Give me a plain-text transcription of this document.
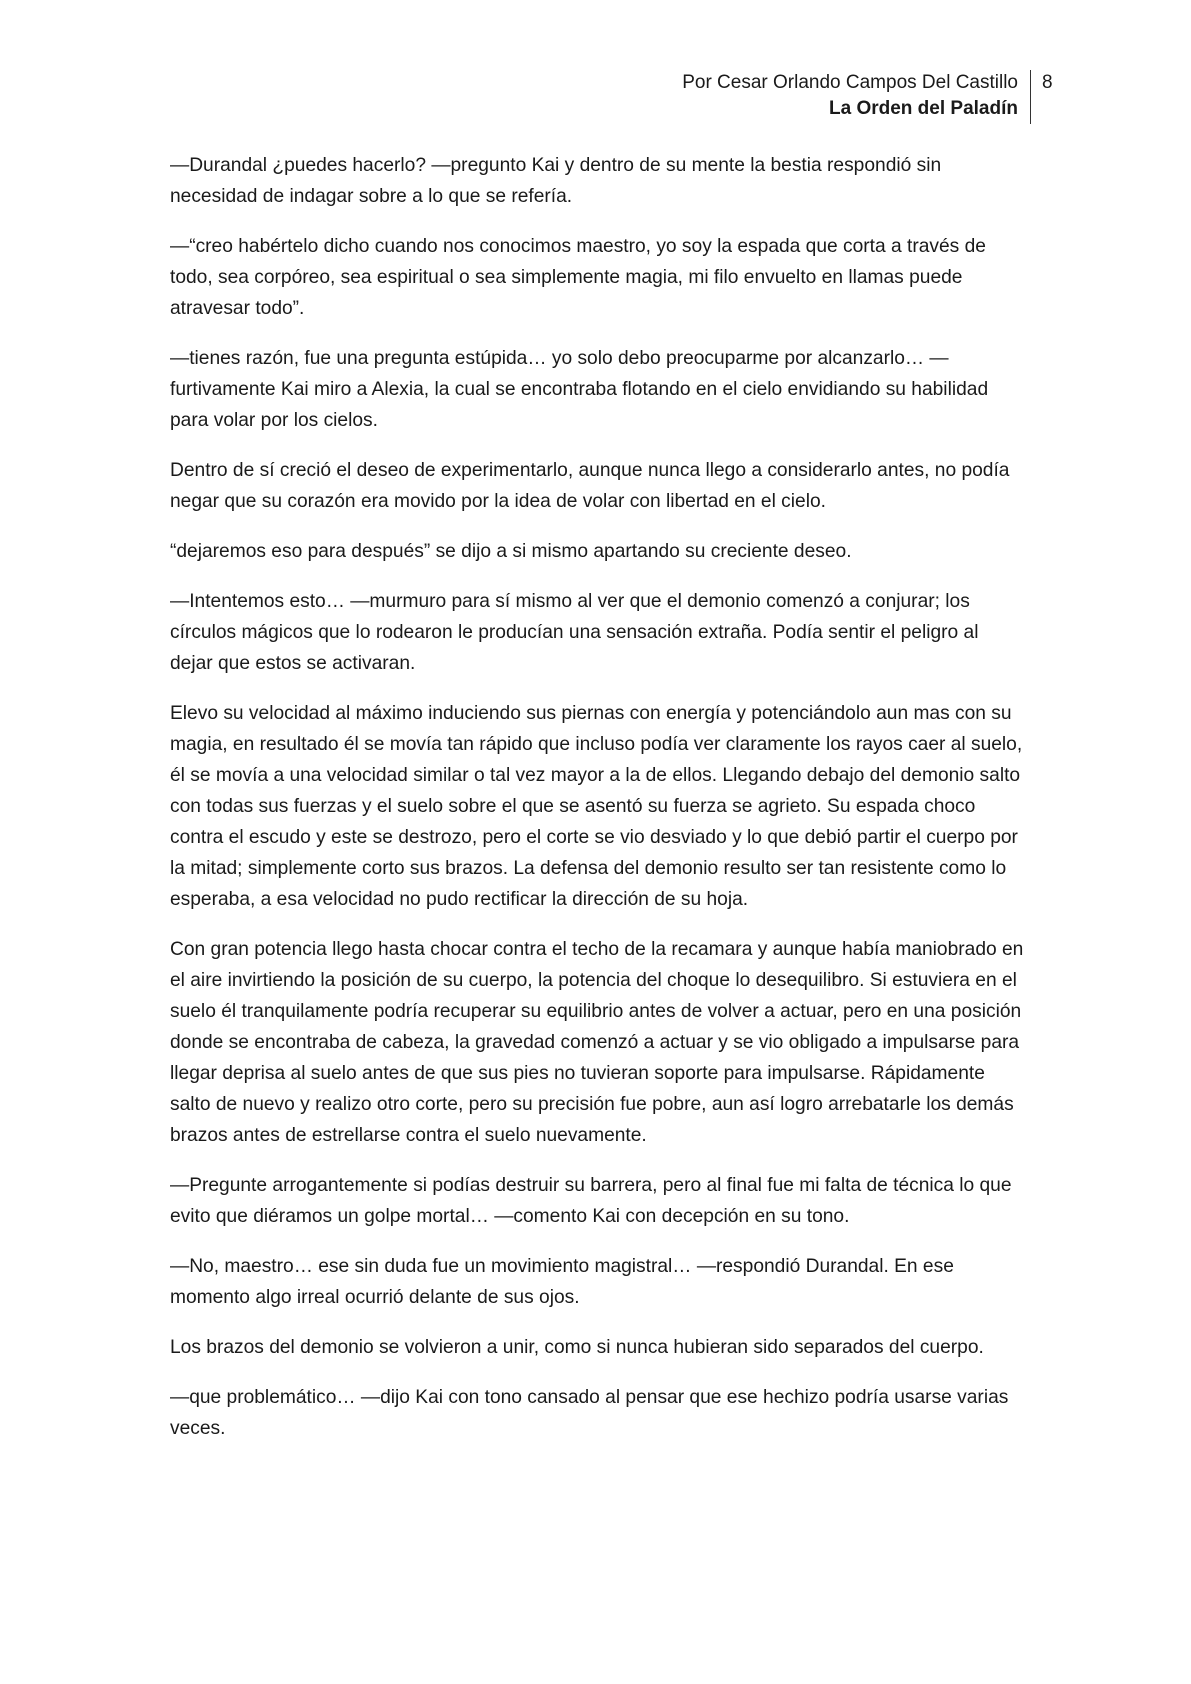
Por Cesar Orlando Campos Del Castillo
La Orden del Paladín
8

—Durandal ¿puedes hacerlo? —pregunto Kai y dentro de su mente la bestia respondió sin necesidad de indagar sobre a lo que se refería.

—“creo habértelo dicho cuando nos conocimos maestro, yo soy la espada que corta a través de todo, sea corpóreo, sea espiritual o sea simplemente magia, mi filo envuelto en llamas puede atravesar todo”.

—tienes razón, fue una pregunta estúpida… yo solo debo preocuparme por alcanzarlo… —furtivamente Kai miro a Alexia, la cual se encontraba flotando en el cielo envidiando su habilidad para volar por los cielos.

Dentro de sí creció el deseo de experimentarlo, aunque nunca llego a considerarlo antes, no podía negar que su corazón era movido por la idea de volar con libertad en el cielo.

“dejaremos eso para después” se dijo a si mismo apartando su creciente deseo.

—Intentemos esto… —murmuro para sí mismo al ver que el demonio comenzó a conjurar; los círculos mágicos que lo rodearon le producían una sensación extraña. Podía sentir el peligro al dejar que estos se activaran.

Elevo su velocidad al máximo induciendo sus piernas con energía y potenciándolo aun mas con su magia, en resultado él se movía tan rápido que incluso podía ver claramente los rayos caer al suelo, él se movía a una velocidad similar o tal vez mayor a la de ellos. Llegando debajo del demonio salto con todas sus fuerzas y el suelo sobre el que se asentó su fuerza se agrieto. Su espada choco contra el escudo y este se destrozo, pero el corte se vio desviado y lo que debió partir el cuerpo por la mitad; simplemente corto sus brazos. La defensa del demonio resulto ser tan resistente como lo esperaba, a esa velocidad no pudo rectificar la dirección de su hoja.

Con gran potencia llego hasta chocar contra el techo de la recamara y aunque había maniobrado en el aire invirtiendo la posición de su cuerpo, la potencia del choque lo desequilibro. Si estuviera en el suelo él tranquilamente podría recuperar su equilibrio antes de volver a actuar, pero en una posición donde se encontraba de cabeza, la gravedad comenzó a actuar y se vio obligado a impulsarse para llegar deprisa al suelo antes de que sus pies no tuvieran soporte para impulsarse. Rápidamente salto de nuevo y realizo otro corte, pero su precisión fue pobre, aun así logro arrebatarle los demás brazos antes de estrellarse contra el suelo nuevamente.

—Pregunte arrogantemente si podías destruir su barrera, pero al final fue mi falta de técnica lo que evito que diéramos un golpe mortal… —comento Kai con decepción en su tono.

—No, maestro… ese sin duda fue un movimiento magistral… —respondió Durandal. En ese momento algo irreal ocurrió delante de sus ojos.

Los brazos del demonio se volvieron a unir, como si nunca hubieran sido separados del cuerpo.

—que problemático… —dijo Kai con tono cansado al pensar que ese hechizo podría usarse varias veces.
